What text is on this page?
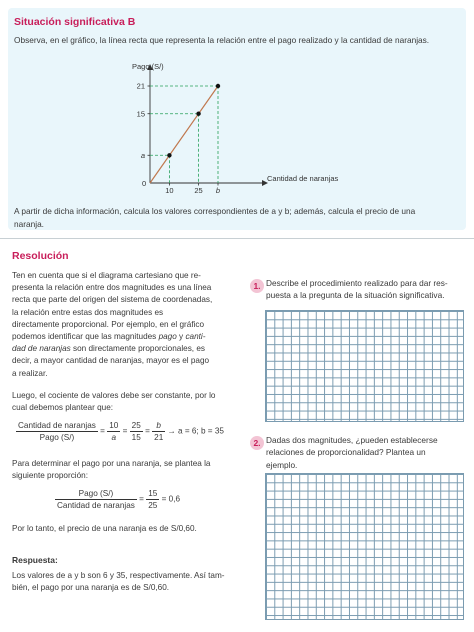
Situación significativa B
Observa, en el gráfico, la línea recta que representa la relación entre el pago realizado y la cantidad de naranjas.
Pago (S/)
Cantidad de naranjas
0
a
10
15
25
21
b
A partir de dicha información, calcula los valores correspondientes de a y b; además, calcula el precio de una
naranja.
Resolución
Ten en cuenta que si el diagrama cartesiano que re-
presenta la relación entre dos magnitudes es una línea
recta que parte del origen del sistema de coordenadas,
la relación entre estas dos magnitudes es
directamente proporcional. Por ejemplo, en el gráfico
podemos identificar que las magnitudes pago y canti-
dad de naranjas son directamente proporcionales, es
decir, a mayor cantidad de naranjas, mayor es el pago
a realizar.
Luego, el cociente de valores debe ser constante, por lo
cual debemos plantear que:
$\frac{\text{Cantidad de naranjas}}{\text{Pago (S/)}} = \frac{10}{a} = \frac{25}{15} = \frac{b}{21} \to a = 6$; b = 35
Para determinar el pago por una naranja, se plantea la
siguiente proporción:
$\frac{\text{Pago (S/)}}{\text{Cantidad de naranjas}} = \frac{15}{25} = 0,6$
Por lo tanto, el precio de una naranja es de S/0,60.
Respuesta:
Los valores de a y b son 6 y 35, respectivamente. Así tam-
bién, el pago por una naranja es de S/0,60.
1. Describe el procedimiento realizado para dar res-
puesta a la pregunta de la situación significativa.
2. Dadas dos magnitudes, ¿pueden establecerse
relaciones de proporcionalidad? Plantea un
ejemplo.
